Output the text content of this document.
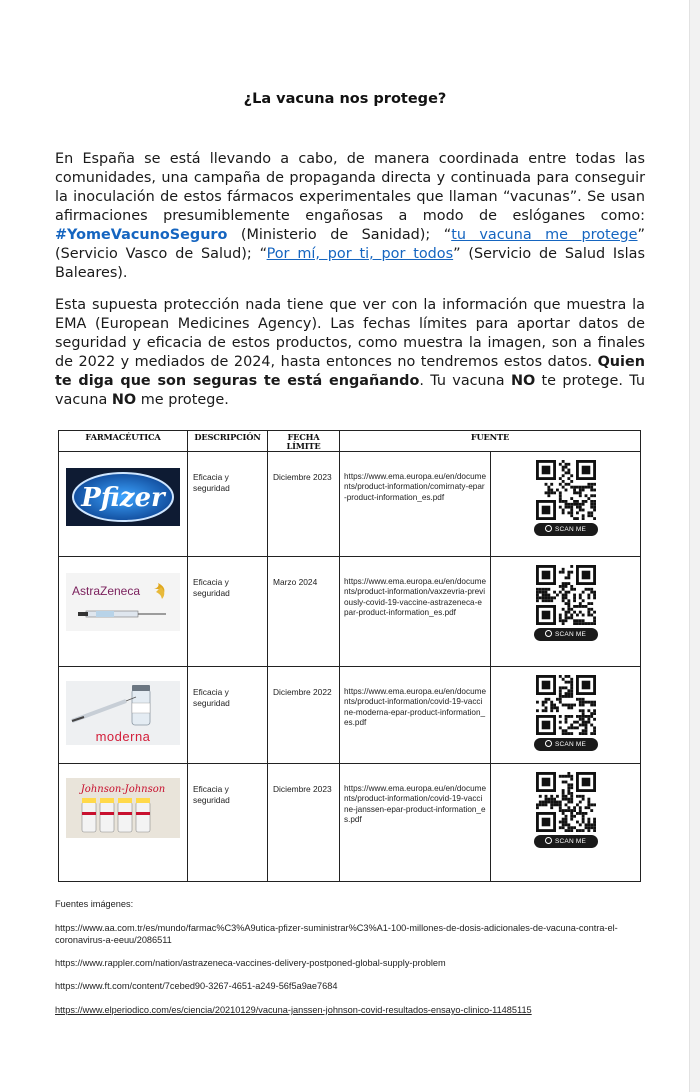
¿La vacuna nos protege?

En España se está llevando a cabo, de manera coordinada entre todas las comunidades, una campaña de propaganda directa y continuada para conseguir la inoculación de estos fármacos experimentales que llaman “vacunas”. Se usan afirmaciones presumiblemente engañosas a modo de eslóganes como: #YomeVacunoSeguro (Ministerio de Sanidad); “tu vacuna me protege” (Servicio Vasco de Salud); “Por mí, por ti, por todos” (Servicio de Salud Islas Baleares).

Esta supuesta protección nada tiene que ver con la información que muestra la EMA (European Medicines Agency). Las fechas límites para aportar datos de seguridad y eficacia de estos productos, como muestra la imagen, son a finales de 2022 y mediados de 2024, hasta entonces no tendremos estos datos. Quien te diga que son seguras te está engañando. Tu vacuna NO te protege. Tu vacuna NO me protege.

FARMACÉUTICA	DESCRIPCIÓN	FECHA LÍMITE	FUENTE	

Pfizer	Eficacia y seguridad	Diciembre 2023	https://www.ema.europa.eu/en/documents/product-information/comirnaty-epar-product-information_es.pdf	SCAN ME

AstraZeneca	Eficacia y seguridad	Marzo 2024	https://www.ema.europa.eu/en/documents/product-information/vaxzevria-previously-covid-19-vaccine-astrazeneca-epar-product-information_es.pdf	SCAN ME

moderna	Eficacia y seguridad	Diciembre 2022	https://www.ema.europa.eu/en/documents/product-information/covid-19-vaccine-moderna-epar-product-information_es.pdf	SCAN ME

Johnson-Johnson	Eficacia y seguridad	Diciembre 2023	https://www.ema.europa.eu/en/documents/product-information/covid-19-vaccine-janssen-epar-product-information_es.pdf	SCAN ME
Fuentes imágenes:
https://www.aa.com.tr/es/mundo/farmac%C3%A9utica-pfizer-suministrar%C3%A1-100-millones-de-dosis-adicionales-de-vacuna-contra-el-coronavirus-a-eeuu/2086511
https://www.rappler.com/nation/astrazeneca-vaccines-delivery-postponed-global-supply-problem
https://www.ft.com/content/7cebed90-3267-4651-a249-56f5a9ae7684
https://www.elperiodico.com/es/ciencia/20210129/vacuna-janssen-johnson-covid-resultados-ensayo-clinico-11485115
